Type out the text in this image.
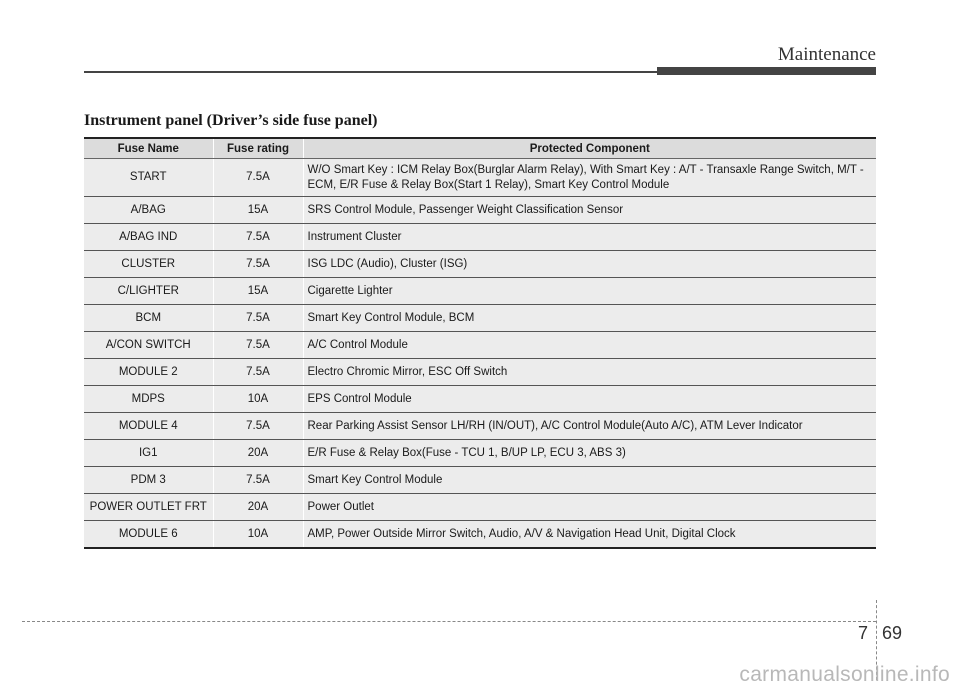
Maintenance
Instrument panel (Driver’s side fuse panel)
Fuse Name	Fuse rating	Protected Component
START	7.5A	W/O Smart Key : ICM Relay Box(Burglar Alarm Relay), With Smart Key : A/T - Transaxle Range Switch, M/T - ECM, E/R Fuse & Relay Box(Start 1 Relay), Smart Key Control Module
A/BAG	15A	SRS Control Module, Passenger Weight Classification Sensor
A/BAG IND	7.5A	Instrument Cluster
CLUSTER	7.5A	ISG LDC (Audio), Cluster (ISG)
C/LIGHTER	15A	Cigarette Lighter
BCM	7.5A	Smart Key Control Module, BCM
A/CON SWITCH	7.5A	A/C Control Module
MODULE 2	7.5A	Electro Chromic Mirror, ESC Off Switch
MDPS	10A	EPS Control Module
MODULE 4	7.5A	Rear Parking Assist Sensor LH/RH (IN/OUT), A/C Control Module(Auto A/C), ATM Lever Indicator
IG1	20A	E/R Fuse & Relay Box(Fuse - TCU 1, B/UP LP, ECU 3, ABS 3)
PDM 3	7.5A	Smart Key Control Module
POWER OUTLET FRT	20A	Power Outlet
MODULE 6	10A	AMP, Power Outside Mirror Switch, Audio, A/V & Navigation Head Unit, Digital Clock
7 69
carmanualsonline.info
